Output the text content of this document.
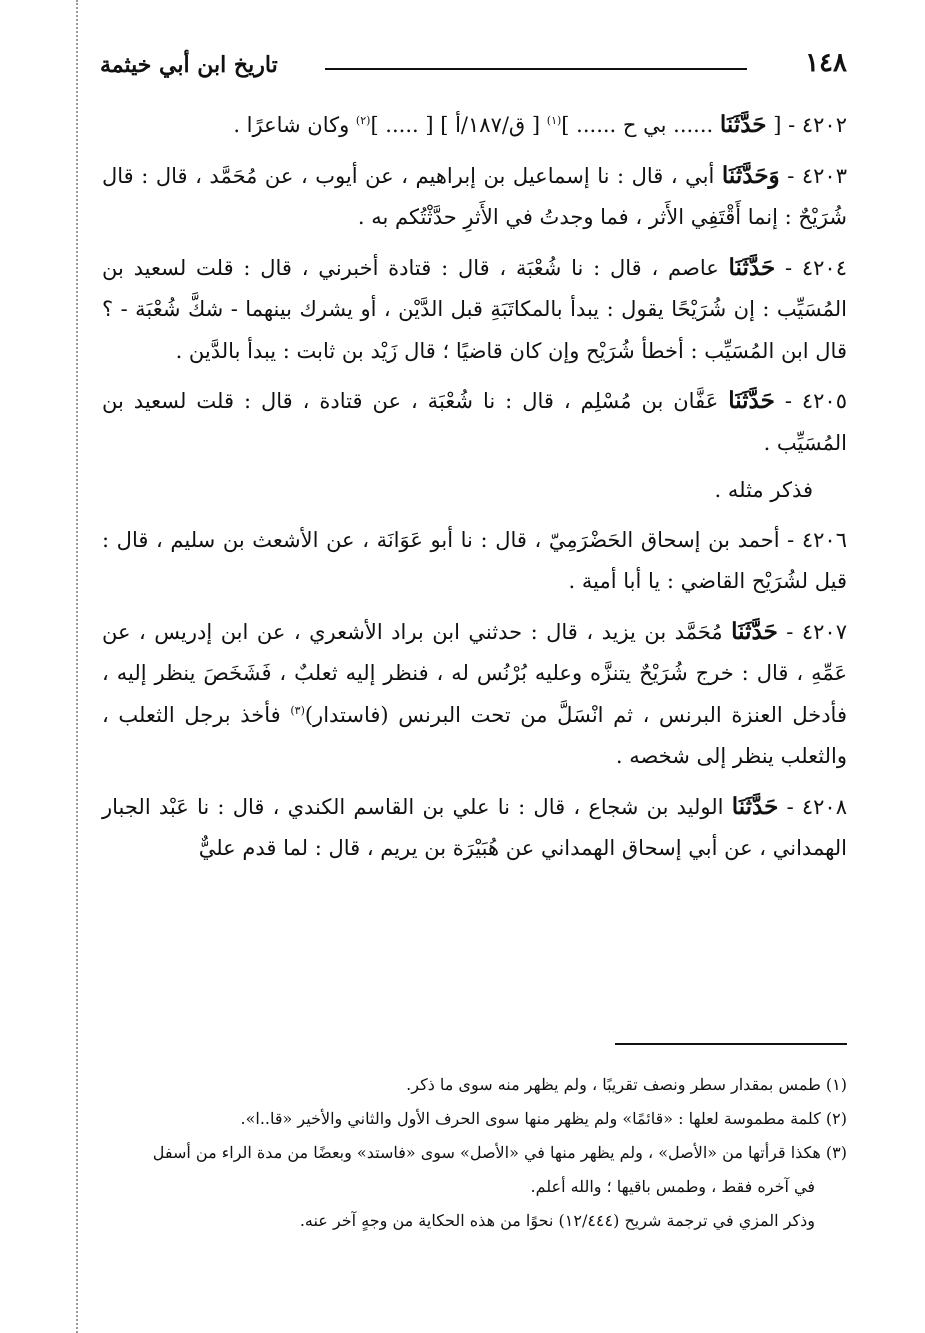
١٤٨
تاريخ ابن أبي خيثمة

٤٢٠٢ - [ حَدَّثَنَا ...... بي ح ...... ]$^{(١)}$ [ ق/١٨٧/أ ] [ ..... ]$^{(٢)}$ وكان شاعرًا .

٤٢٠٣ - وَحَدَّثَنَا أبي ، قال : نا إسماعيل بن إبراهيم ، عن أيوب ، عن مُحَمَّد ، قال : قال شُرَيْحٌ : إنما أَقْتَفِي الأَثر ، فما وجدتُ في الأَثرِ حدَّثْتُكم به .

٤٢٠٤ - حَدَّثَنَا عاصم ، قال : نا شُعْبَة ، قال : قتادة أخبرني ، قال : قلت لسعيد بن المُسَيِّب : إن شُرَيْحًا يقول : يبدأ بالمكاتَبَةِ قبل الدَّيْن ، أو يشرك بينهما - شكَّ شُعْبَة - ؟ قال ابن المُسَيِّب : أخطأ شُرَيْح وإن كان قاضيًا ؛ قال زَيْد بن ثابت : يبدأ بالدَّين .

٤٢٠٥ - حَدَّثَنَا عَفَّان بن مُسْلِم ، قال : نا شُعْبَة ، عن قتادة ، قال : قلت لسعيد بن المُسَيِّب .

فذكر مثله .

٤٢٠٦ - أحمد بن إسحاق الحَضْرَمِيّ ، قال : نا أبو عَوَانَة ، عن الأشعث بن سليم ، قال : قيل لشُرَيْح القاضي : يا أبا أمية .

٤٢٠٧ - حَدَّثَنَا مُحَمَّد بن يزيد ، قال : حدثني ابن براد الأشعري ، عن ابن إدريس ، عن عَمِّهِ ، قال : خرج شُرَيْحٌ يتنزَّه وعليه بُرْنُس له ، فنظر إليه ثعلبٌ ، فَشَخَصَ ينظر إليه ، فأدخل العنزة البرنس ، ثم انْسَلَّ من تحت البرنس (فاستدار)$^{(٣)}$ فأخذ برجل الثعلب ، والثعلب ينظر إلى شخصه .

٤٢٠٨ - حَدَّثَنَا الوليد بن شجاع ، قال : نا علي بن القاسم الكندي ، قال : نا عَبْد الجبار الهمداني ، عن أبي إسحاق الهمداني عن هُبَيْرَة بن يريم ، قال : لما قدم عليٌّ

(١) طمس بمقدار سطر ونصف تقريبًا ، ولم يظهر منه سوى ما ذكر.

(٢) كلمة مطموسة لعلها : «قائمًا» ولم يظهر منها سوى الحرف الأول والثاني والأخير «قا..ا».

(٣) هكذا قرأتها من «الأصل» ، ولم يظهر منها في «الأصل» سوى «فاستد» وبعضًا من مدة الراء من أسفل

في آخره فقط ، وطمس باقيها ؛ والله أعلم.

وذكر المزي في ترجمة شريح (١٢/٤٤٤) نحوًا من هذه الحكاية من وجهٍ آخر عنه.
